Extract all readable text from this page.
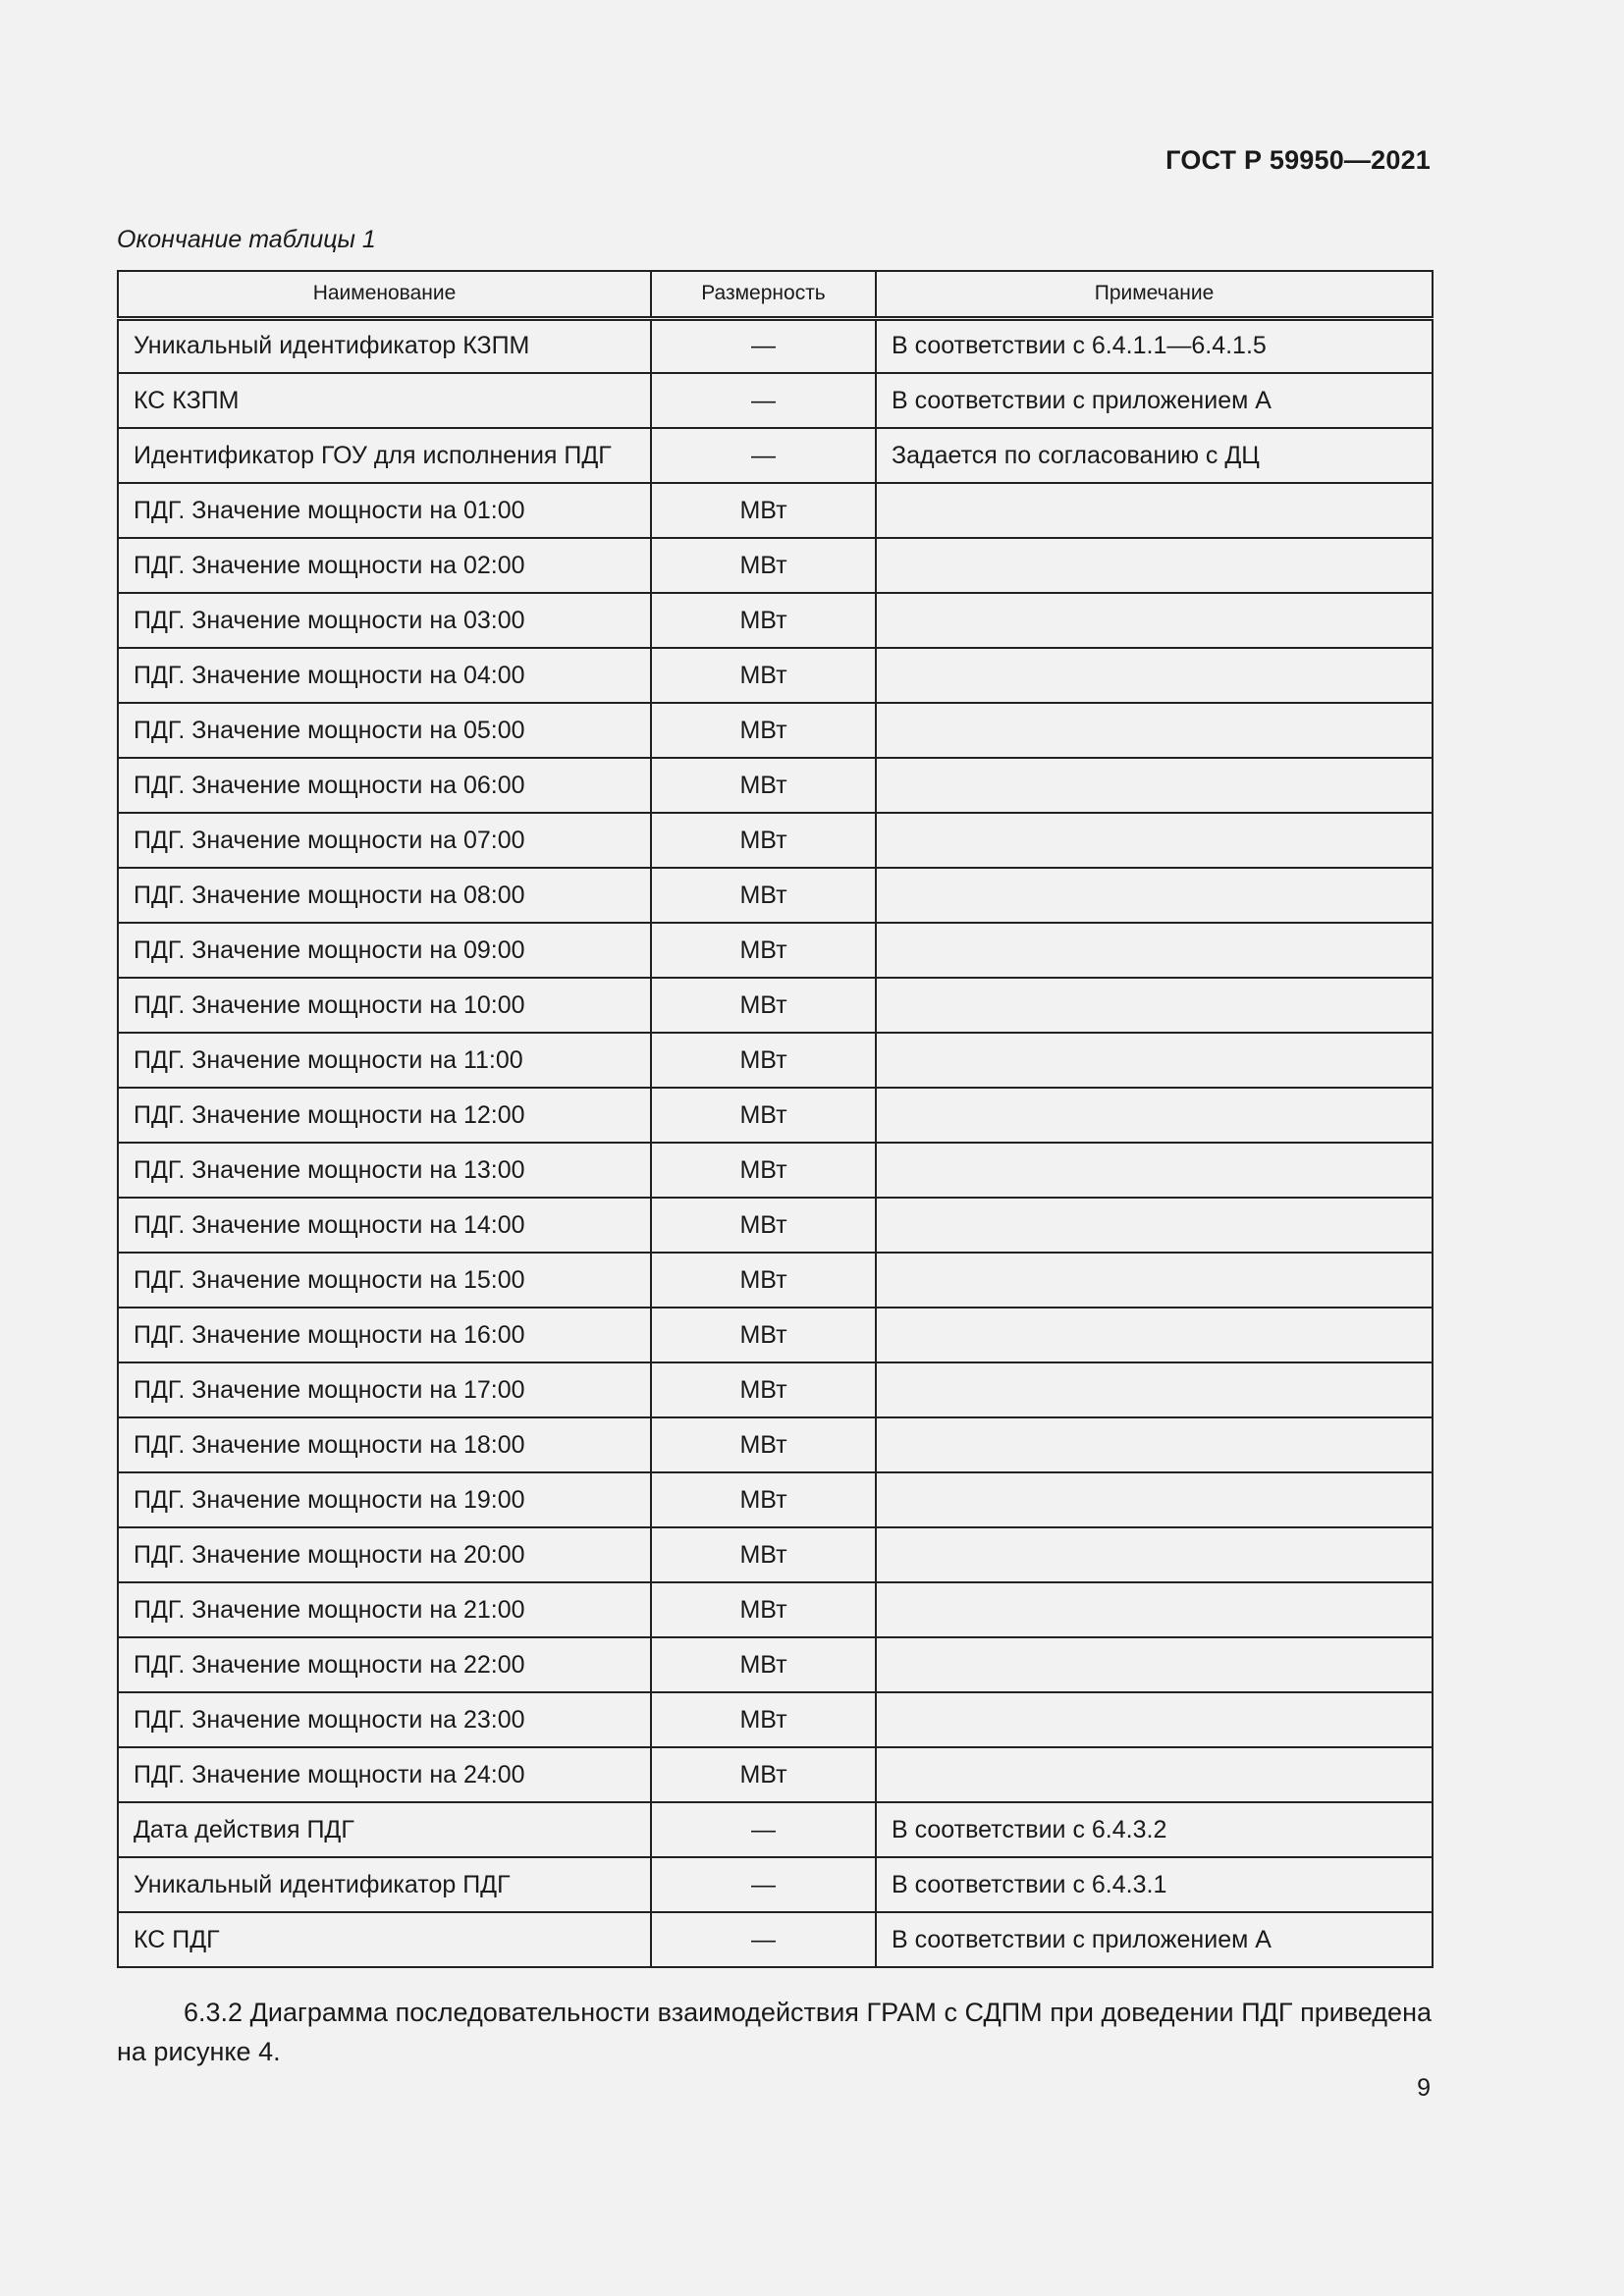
ГОСТ Р 59950—2021
Окончание таблицы 1
Наименование	Размерность	Примечание
Уникальный идентификатор КЗПМ	—	В соответствии с 6.4.1.1—6.4.1.5
КС КЗПМ	—	В соответствии с приложением А
Идентификатор ГОУ для исполнения ПДГ	—	Задается по согласованию с ДЦ
ПДГ. Значение мощности на 01:00	МВт	
ПДГ. Значение мощности на 02:00	МВт	
ПДГ. Значение мощности на 03:00	МВт	
ПДГ. Значение мощности на 04:00	МВт	
ПДГ. Значение мощности на 05:00	МВт	
ПДГ. Значение мощности на 06:00	МВт	
ПДГ. Значение мощности на 07:00	МВт	
ПДГ. Значение мощности на 08:00	МВт	
ПДГ. Значение мощности на 09:00	МВт	
ПДГ. Значение мощности на 10:00	МВт	
ПДГ. Значение мощности на 11:00	МВт	
ПДГ. Значение мощности на 12:00	МВт	
ПДГ. Значение мощности на 13:00	МВт	
ПДГ. Значение мощности на 14:00	МВт	
ПДГ. Значение мощности на 15:00	МВт	
ПДГ. Значение мощности на 16:00	МВт	
ПДГ. Значение мощности на 17:00	МВт	
ПДГ. Значение мощности на 18:00	МВт	
ПДГ. Значение мощности на 19:00	МВт	
ПДГ. Значение мощности на 20:00	МВт	
ПДГ. Значение мощности на 21:00	МВт	
ПДГ. Значение мощности на 22:00	МВт	
ПДГ. Значение мощности на 23:00	МВт	
ПДГ. Значение мощности на 24:00	МВт	
Дата действия ПДГ	—	В соответствии с 6.4.3.2
Уникальный идентификатор ПДГ	—	В соответствии с 6.4.3.1
КС ПДГ	—	В соответствии с приложением А
6.3.2 Диаграмма последовательности взаимодействия ГРАМ с СДПМ при доведении ПДГ приведена на рисунке 4.
9
